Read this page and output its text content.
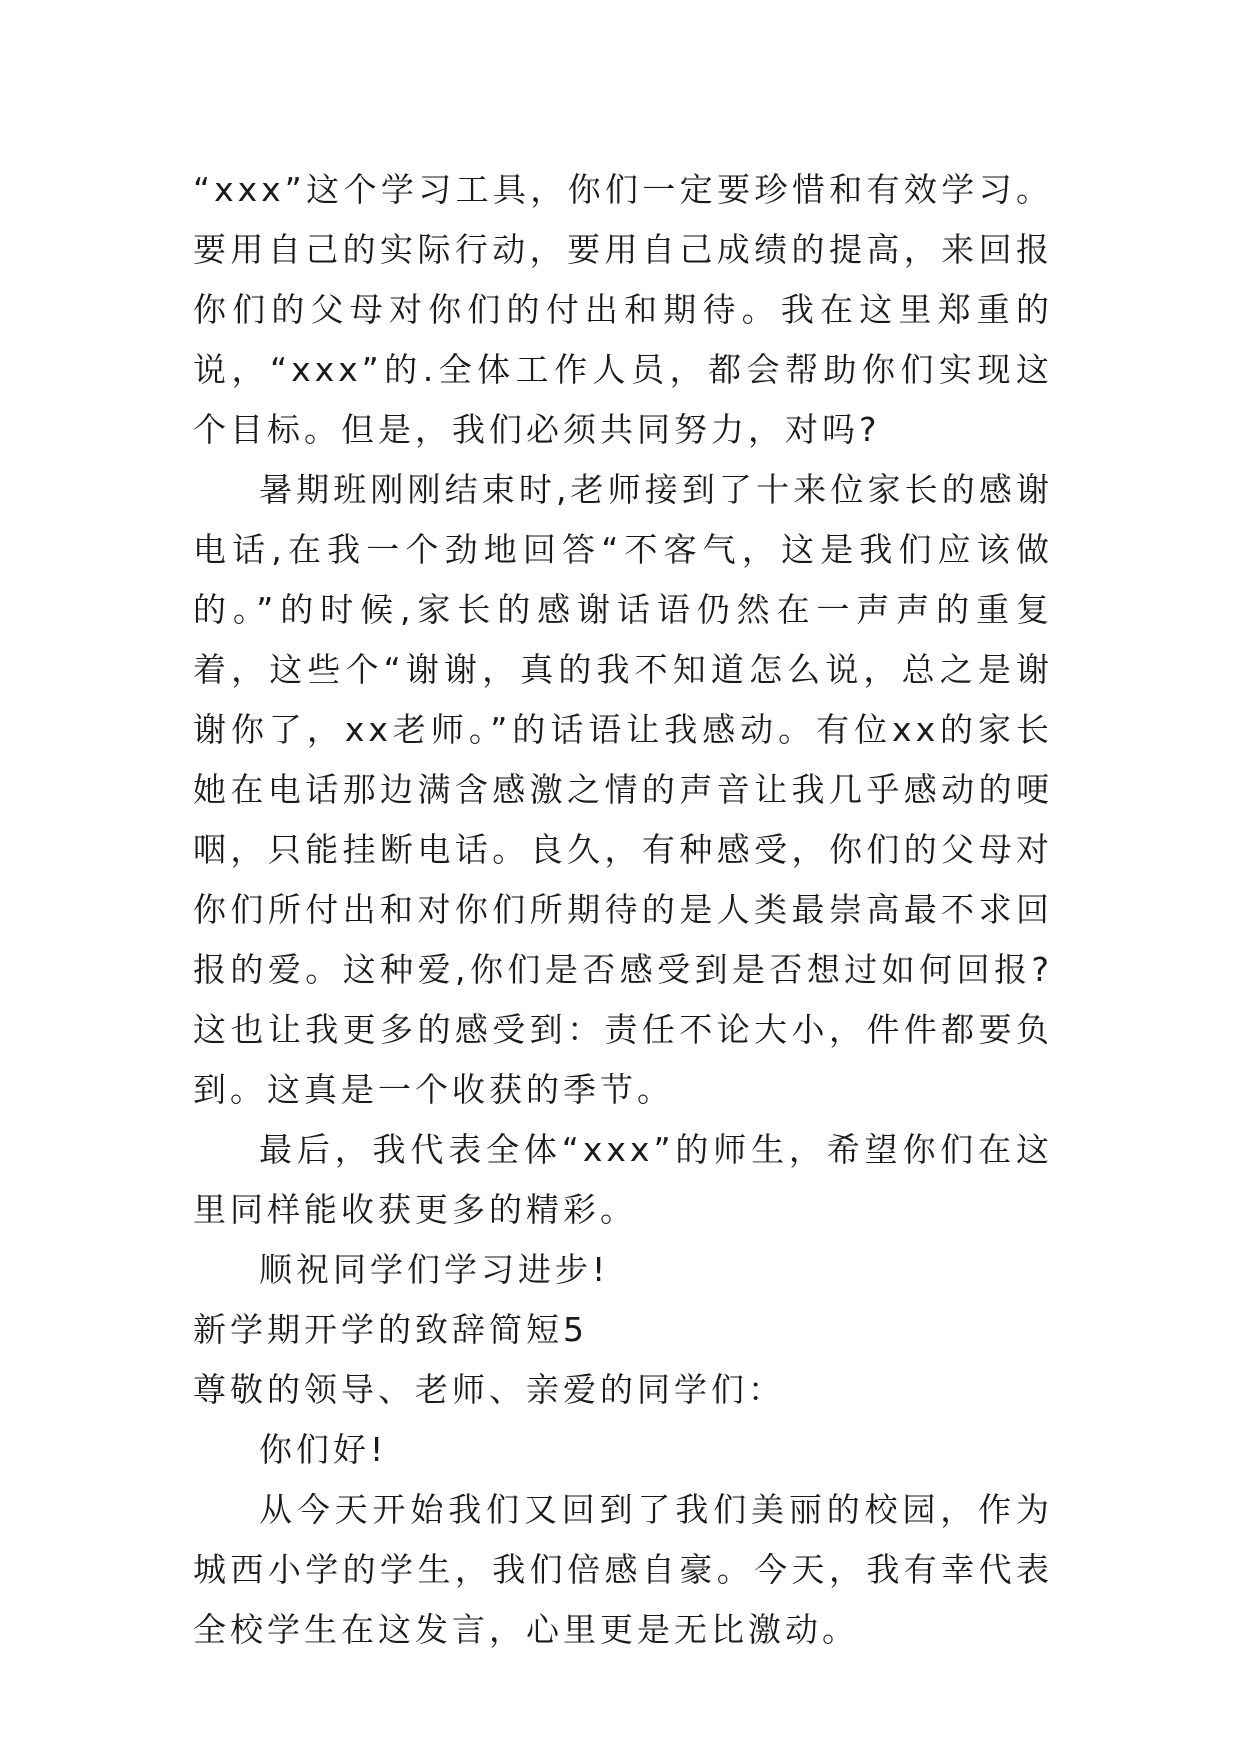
“xxx”这个学习工具，你们一定要珍惜和有效学习。要用自己的实际行动，要用自己成绩的提高，来回报你们的父母对你们的付出和期待。我在这里郑重的说，“xxx”的.全体工作人员，都会帮助你们实现这个目标。但是，我们必须共同努力，对吗?

暑期班刚刚结束时,老师接到了十来位家长的感谢电话,在我一个劲地回答“不客气，这是我们应该做的。”的时候,家长的感谢话语仍然在一声声的重复着，这些个“谢谢，真的我不知道怎么说，总之是谢谢你了，xx老师。”的话语让我感动。有位xx的家长她在电话那边满含感激之情的声音让我几乎感动的哽咽，只能挂断电话。良久，有种感受，你们的父母对你们所付出和对你们所期待的是人类最崇高最不求回报的爱。这种爱,你们是否感受到是否想过如何回报?这也让我更多的感受到：责任不论大小，件件都要负到。这真是一个收获的季节。

最后，我代表全体“xxx”的师生，希望你们在这里同样能收获更多的精彩。

顺祝同学们学习进步!

新学期开学的致辞简短5

尊敬的领导、老师、亲爱的同学们：

你们好!

从今天开始我们又回到了我们美丽的校园，作为城西小学的学生，我们倍感自豪。今天，我有幸代表全校学生在这发言，心里更是无比激动。
